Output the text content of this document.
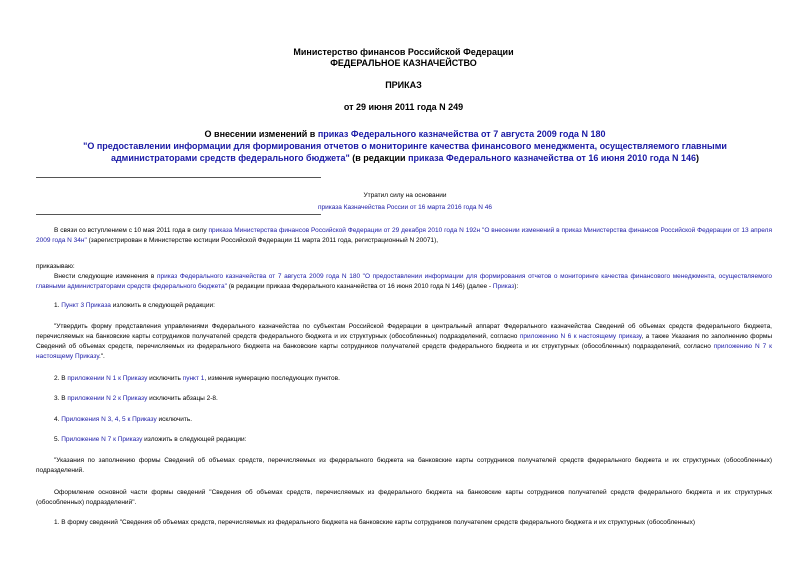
Министерство финансов Российской Федерации
ФЕДЕРАЛЬНОЕ КАЗНАЧЕЙСТВО
ПРИКАЗ
от 29 июня 2011 года N 249
О внесении изменений в приказ Федерального казначейства от 7 августа 2009 года N 180
"О предоставлении информации для формирования отчетов о мониторинге качества финансового менеджмента, осуществляемого главными администраторами средств федерального бюджета" (в редакции приказа Федерального казначейства от 16 июня 2010 года N 146)
Утратил силу на основании
приказа Казначейства России от 16 марта 2016 года N 46
В связи со вступлением с 10 мая 2011 года в силу приказа Министерства финансов Российской Федерации от 29 декабря 2010 года N 192н "О внесении изменений в приказ Министерства финансов Российской Федерации от 13 апреля 2009 года N 34н" (зарегистрирован в Министерстве юстиции Российской Федерации 11 марта 2011 года, регистрационный N 20071),
приказываю:
Внести следующие изменения в приказ Федерального казначейства от 7 августа 2009 года N 180 "О предоставлении информации для формирования отчетов о мониторинге качества финансового менеджмента, осуществляемого главными администраторами средств федерального бюджета" (в редакции приказа Федерального казначейства от 16 июня 2010 года N 146) (далее - Приказ):
1. Пункт 3 Приказа изложить в следующей редакции:
"Утвердить форму представления управлениями Федерального казначейства по субъектам Российской Федерации в центральный аппарат Федерального казначейства Сведений об объемах средств федерального бюджета, перечисляемых на банковские карты сотрудников получателей средств федерального бюджета и их структурных (обособленных) подразделений, согласно приложению N 6 к настоящему приказу, а также Указания по заполнению формы Сведений об объемах средств, перечисляемых из федерального бюджета на банковские карты сотрудников получателей средств федерального бюджета и их структурных (обособленных) подразделений, согласно приложению N 7 к настоящему Приказу.".
2. В приложении N 1 к Приказу исключить пункт 1, изменив нумерацию последующих пунктов.
3. В приложении N 2 к Приказу исключить абзацы 2-8.
4. Приложения N 3, 4, 5 к Приказу исключить.
5. Приложение N 7 к Приказу изложить в следующей редакции:
"Указания по заполнению формы Сведений об объемах средств, перечисляемых из федерального бюджета на банковские карты сотрудников получателей средств федерального бюджета и их структурных (обособленных) подразделений.
Оформление основной части формы сведений "Сведения об объемах средств, перечисляемых из федерального бюджета на банковские карты сотрудников получателей средств федерального бюджета и их структурных (обособленных) подразделений".
1. В форму сведений "Сведения об объемах средств, перечисляемых из федерального бюджета на банковские карты сотрудников получателем средств федерального бюджета и их структурных (обособленных)
